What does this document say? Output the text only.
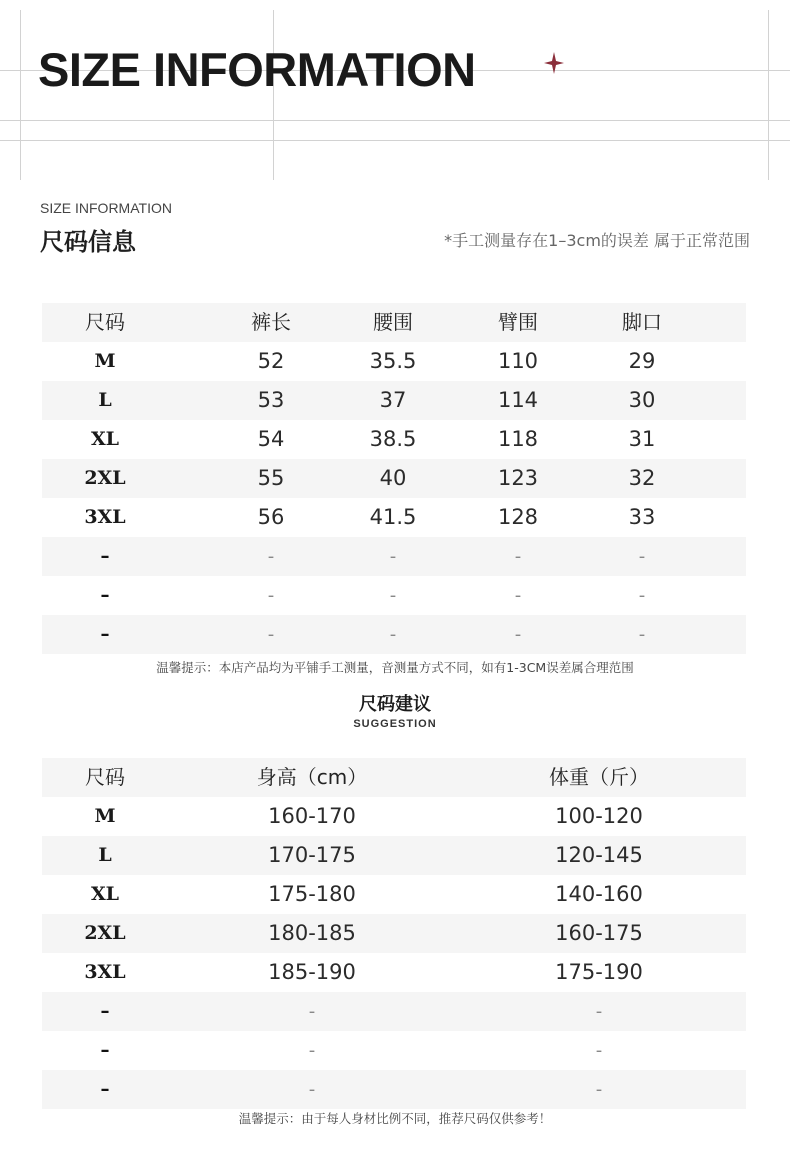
SIZE INFORMATION
SIZE INFORMATION
尺码信息	*手工测量存在1–3cm的误差 属于正常范围
尺码	裤长	腰围	臂围	脚口
M	52	35.5	110	29
L	53	37	114	30
XL	54	38.5	118	31
2XL	55	40	123	32
3XL	56	41.5	128	33
–	-	-	-	-
–	-	-	-	-
–	-	-	-	-
温馨提示：本店产品均为平铺手工测量，音测量方式不同，如有1-3CM误差属合理范围
尺码建议
SUGGESTION
尺码	身高（cm）	体重（斤）
M	160-170	100-120
L	170-175	120-145
XL	175-180	140-160
2XL	180-185	160-175
3XL	185-190	175-190
–	-	-
–	-	-
–	-	-
温馨提示：由于每人身材比例不同，推荐尺码仅供参考！
